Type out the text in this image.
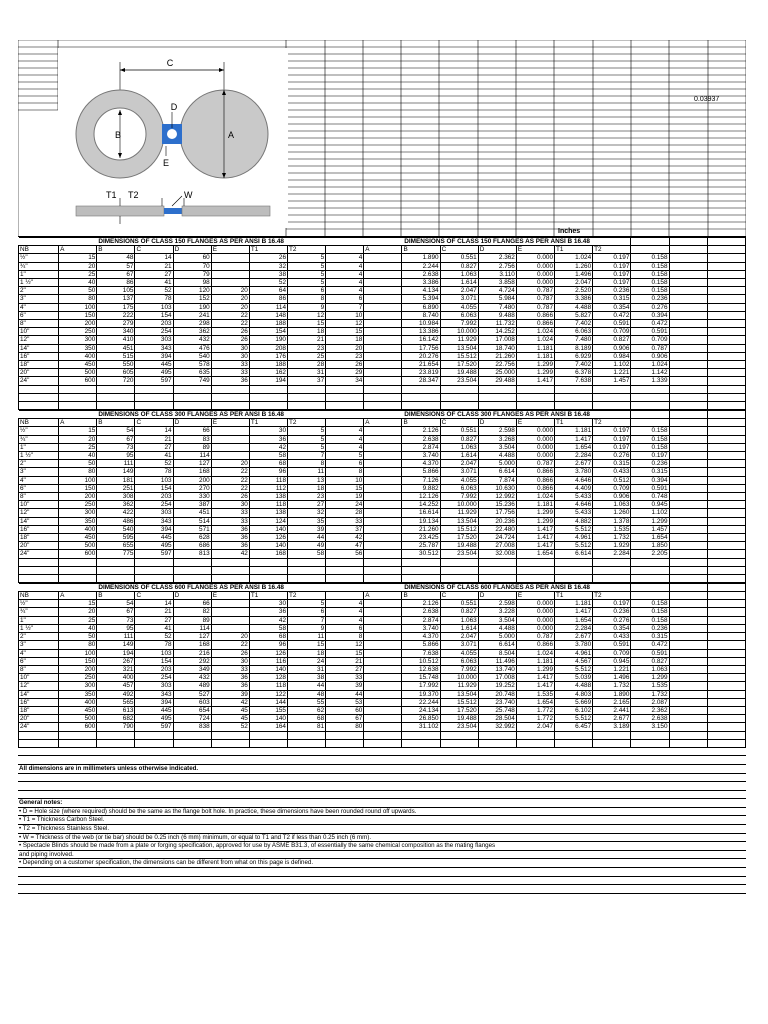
C
D
E
B	A
T1 T2	W
0.03937
Inches
DIMENSIONS OF CLASS 150 FLANGES AS PER ANSI B 16.48									DIMENSIONS OF CLASS 150 FLANGES AS PER ANSI B 16.48									
NB	A	B	C	D	E	T1	T2		A	B	C	D	E	T1	T2			
½"	15	48	14	60		26	5	4		1.890	0.551	2.362	0.000	1.024	0.197	0.158		
¾"	20	57	21	70		32	5	4		2.244	0.827	2.756	0.000	1.260	0.197	0.158		
1"	25	67	27	79		38	5	4		2.638	1.063	3.110	0.000	1.496	0.197	0.158		
1 ½"	40	86	41	98		52	5	4		3.386	1.614	3.858	0.000	2.047	0.197	0.158		
2"	50	105	52	120	20	64	6	4		4.134	2.047	4.724	0.787	2.520	0.236	0.158		
3"	80	137	78	152	20	86	8	6		5.394	3.071	5.984	0.787	3.386	0.315	0.236		
4"	100	175	103	190	20	114	9	7		6.890	4.055	7.480	0.787	4.488	0.354	0.276		
6"	150	222	154	241	22	148	12	10		8.740	6.063	9.488	0.866	5.827	0.472	0.394		
8"	200	279	203	298	22	188	15	12		10.984	7.992	11.732	0.866	7.402	0.591	0.472		
10"	250	340	254	362	26	154	18	15		13.386	10.000	14.252	1.024	6.063	0.709	0.591		
12"	300	410	303	432	26	190	21	18		16.142	11.929	17.008	1.024	7.480	0.827	0.709		
14"	350	451	343	476	30	208	23	20		17.756	13.504	18.740	1.181	8.189	0.906	0.787		
16"	400	515	394	540	30	176	25	23		20.276	15.512	21.260	1.181	6.929	0.984	0.906		
18"	450	550	445	578	33	188	28	26		21.654	17.520	22.756	1.299	7.402	1.102	1.024		
20"	500	605	495	635	33	162	31	29		23.819	19.488	25.000	1.299	6.378	1.221	1.142		
24"	600	720	597	749	36	194	37	34		28.347	23.504	29.488	1.417	7.638	1.457	1.339		

DIMENSIONS OF CLASS 300 FLANGES AS PER ANSI B 16.48									DIMENSIONS OF CLASS 300 FLANGES AS PER ANSI B 16.48									
NB	A	B	C	D	E	T1	T2		A	B	C	D	E	T1	T2			
½"	15	54	14	66		30	5	4		2.126	0.551	2.598	0.000	1.181	0.197	0.158		
¾"	20	67	21	83		36	5	4		2.638	0.827	3.268	0.000	1.417	0.197	0.158		
1"	25	73	27	89		42	5	4		2.874	1.063	3.504	0.000	1.654	0.197	0.158		
1 ½"	40	95	41	114		58	7	5		3.740	1.614	4.488	0.000	2.284	0.276	0.197		
2"	50	111	52	127	20	68	8	6		4.370	2.047	5.000	0.787	2.677	0.315	0.236		
3"	80	149	78	168	22	96	11	8		5.866	3.071	6.614	0.866	3.780	0.433	0.315		
4"	100	181	103	200	22	118	13	10		7.126	4.055	7.874	0.866	4.646	0.512	0.394		
6"	150	251	154	270	22	112	18	15		9.882	6.063	10.630	0.866	4.409	0.709	0.591		
8"	200	308	203	330	26	138	23	19		12.126	7.992	12.992	1.024	5.433	0.906	0.748		
10"	250	362	254	387	30	118	27	24		14.252	10.000	15.236	1.181	4.646	1.063	0.945		
12"	300	422	303	451	33	138	32	28		16.614	11.929	17.756	1.299	5.433	1.260	1.102		
14"	350	486	343	514	33	124	35	33		19.134	13.504	20.236	1.299	4.882	1.378	1.299		
16"	400	540	394	571	36	140	39	37		21.260	15.512	22.480	1.417	5.512	1.535	1.457		
18"	450	595	445	628	36	126	44	42		23.425	17.520	24.724	1.417	4.961	1.732	1.654		
20"	500	655	495	686	36	140	49	47		25.787	19.488	27.008	1.417	5.512	1.929	1.850		
24"	600	775	597	813	42	168	58	56		30.512	23.504	32.008	1.654	6.614	2.284	2.205		

DIMENSIONS OF CLASS 600 FLANGES AS PER ANSI B 16.48									DIMENSIONS OF CLASS 600 FLANGES AS PER ANSI B 16.48									
NB	A	B	C	D	E	T1	T2		A	B	C	D	E	T1	T2			
½"	15	54	14	66		30	5	4		2.126	0.551	2.598	0.000	1.181	0.197	0.158		
¾"	20	67	21	82		36	6	4		2.638	0.827	3.228	0.000	1.417	0.236	0.158		
1"	25	73	27	89		42	7	4		2.874	1.063	3.504	0.000	1.654	0.276	0.158		
1 ½"	40	95	41	114		58	9	6		3.740	1.614	4.488	0.000	2.284	0.354	0.236		
2"	50	111	52	127	20	68	11	8		4.370	2.047	5.000	0.787	2.677	0.433	0.315		
3"	80	149	78	168	22	96	15	12		5.866	3.071	6.614	0.866	3.780	0.591	0.472		
4"	100	194	103	216	26	126	18	15		7.638	4.055	8.504	1.024	4.961	0.709	0.591		
6"	150	267	154	292	30	116	24	21		10.512	6.063	11.496	1.181	4.567	0.945	0.827		
8"	200	321	203	349	33	140	31	27		12.638	7.992	13.740	1.299	5.512	1.221	1.063		
10"	250	400	254	432	36	128	38	33		15.748	10.000	17.008	1.417	5.039	1.496	1.299		
12"	300	457	303	489	36	118	44	39		17.992	11.929	19.252	1.417	4.488	1.732	1.535		
14"	350	492	343	527	39	122	48	44		19.370	13.504	20.748	1.535	4.803	1.890	1.732		
16"	400	565	394	603	42	144	55	53		22.244	15.512	23.740	1.654	5.669	2.165	2.087		
18"	450	613	445	654	45	155	62	60		24.134	17.520	25.748	1.772	6.102	2.441	2.362		
20"	500	682	495	724	45	140	68	67		26.850	19.488	28.504	1.772	5.512	2.677	2.638		
24"	600	790	597	838	52	164	81	80		31.102	23.504	32.992	2.047	6.457	3.189	3.150		

All dimensions are in millimeters unless otherwise indicated.
General notes:
• D = Hole size (where required) should be the same as the flange bolt hole. In practice, these dimensions have been rounded round off upwards.
• T1 = Thickness Carbon Steel.
• T2 = Thickness Stainless Steel.
• W = Thickness of the web (or tie bar) should be 0.25 inch (6 mm) minimum, or equal to T1 and T2 if less than 0.25 inch (6 mm).
• Spectacle Blinds should be made from a plate or forging specification, approved for use by ASME B31.3, of essentially the same chemical composition as the mating flanges
and piping involved.
• Depending on a customer specification, the dimensions can be different from what on this page is defined.
